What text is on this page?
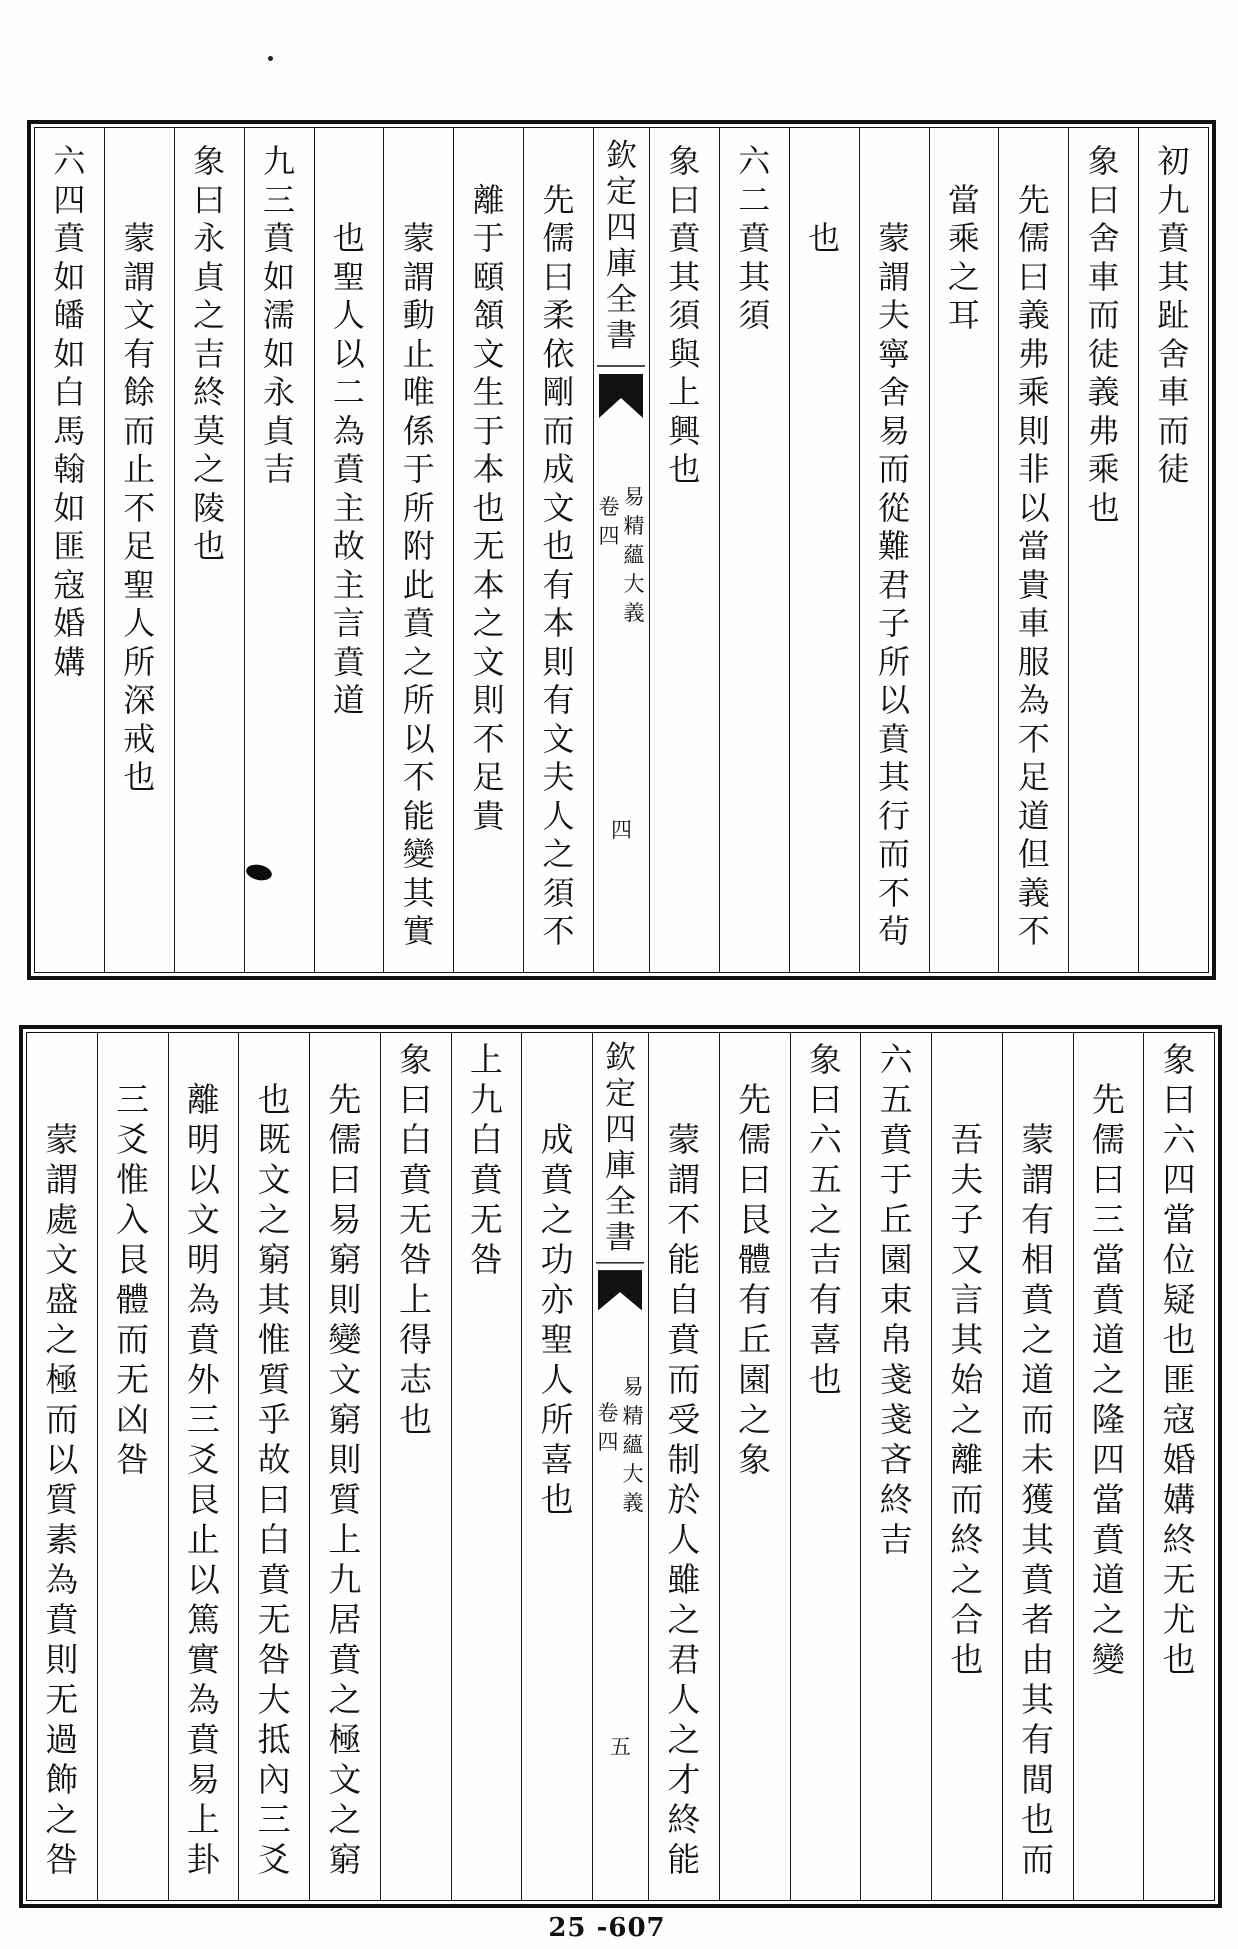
初
九
賁
其
趾
舍
車
而
徒
象
曰
舍
車
而
徒
義
弗
乘
也
先
儒
曰
義
弗
乘
則
非
以
當
貴
車
服
為
不
足
道
但
義
不
當
乘
之
耳
蒙
謂
夫
寧
舍
易
而
從
難
君
子
所
以
賁
其
行
而
不
茍
也
六
二
賁
其
須
象
曰
賁
其
須
與
上
興
也
欽
定
四
庫
全
書
易
精
蘊
大
義
卷
四
四
先
儒
曰
柔
依
剛
而
成
文
也
有
本
則
有
文
夫
人
之
須
不
離
于
頤
頷
文
生
于
本
也
无
本
之
文
則
不
足
貴
蒙
謂
動
止
唯
係
于
所
附
此
賁
之
所
以
不
能
變
其
實
也
聖
人
以
二
為
賁
主
故
主
言
賁
道
九
三
賁
如
濡
如
永
貞
吉
象
曰
永
貞
之
吉
終
莫
之
陵
也
蒙
謂
文
有
餘
而
止
不
足
聖
人
所
深
戒
也
六
四
賁
如
皤
如
白
馬
翰
如
匪
寇
婚
媾
象
曰
六
四
當
位
疑
也
匪
寇
婚
媾
終
无
尤
也
先
儒
曰
三
當
賁
道
之
隆
四
當
賁
道
之
變
蒙
謂
有
相
賁
之
道
而
未
獲
其
賁
者
由
其
有
間
也
而
吾
夫
子
又
言
其
始
之
離
而
終
之
合
也
六
五
賁
于
丘
園
束
帛
戔
戔
吝
終
吉
象
曰
六
五
之
吉
有
喜
也
先
儒
曰
艮
體
有
丘
園
之
象
蒙
謂
不
能
自
賁
而
受
制
於
人
雖
之
君
人
之
才
終
能
欽
定
四
庫
全
書
易
精
蘊
大
義
卷
四
五
成
賁
之
功
亦
聖
人
所
喜
也
上
九
白
賁
无
咎
象
曰
白
賁
无
咎
上
得
志
也
先
儒
曰
易
窮
則
變
文
窮
則
質
上
九
居
賁
之
極
文
之
窮
也
既
文
之
窮
其
惟
質
乎
故
曰
白
賁
无
咎
大
抵
內
三
爻
離
明
以
文
明
為
賁
外
三
爻
艮
止
以
篤
實
為
賁
易
上
卦
三
爻
惟
入
艮
體
而
无
凶
咎
蒙
謂
處
文
盛
之
極
而
以
質
素
為
賁
則
无
過
飾
之
咎
25 -607
